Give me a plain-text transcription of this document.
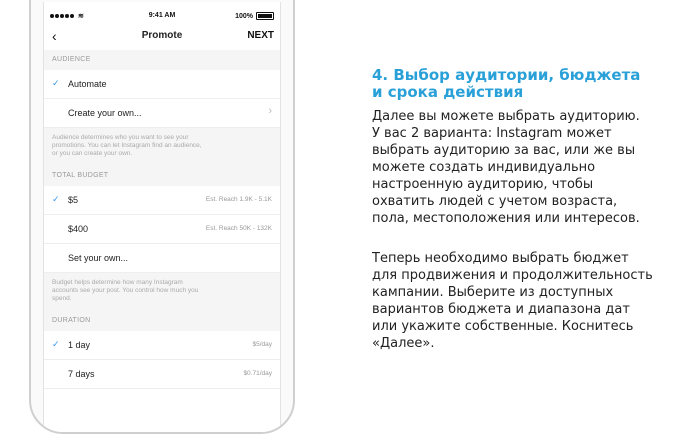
≋	9:41 AM	100%
‹	Promote	NEXT
AUDIENCE
✓ Automate
Create your own...	›
Audience determines who you want to see your
promotions. You can let Instagram find an audience,
or you can create your own.
TOTAL BUDGET
✓ $5	Est. Reach 1.9K - 5.1K
$400	Est. Reach 50K - 132K
Set your own...
Budget helps determine how many Instagram
accounts see your post. You control how much you
spend.
DURATION
✓ 1 day	$5/day
7 days	$0.71/day
4. Выбор аудитории, бюджета
и срока действия
Далее вы можете выбрать аудиторию.
У вас 2 варианта: Instagram может
выбрать аудиторию за вас, или же вы
можете создать индивидуально
настроенную аудиторию, чтобы
охватить людей с учетом возраста,
пола, местоположения или интересов.
Теперь необходимо выбрать бюджет
для продвижения и продолжительность
кампании. Выберите из доступных
вариантов бюджета и диапазона дат
или укажите собственные. Коснитесь
«Далее».
